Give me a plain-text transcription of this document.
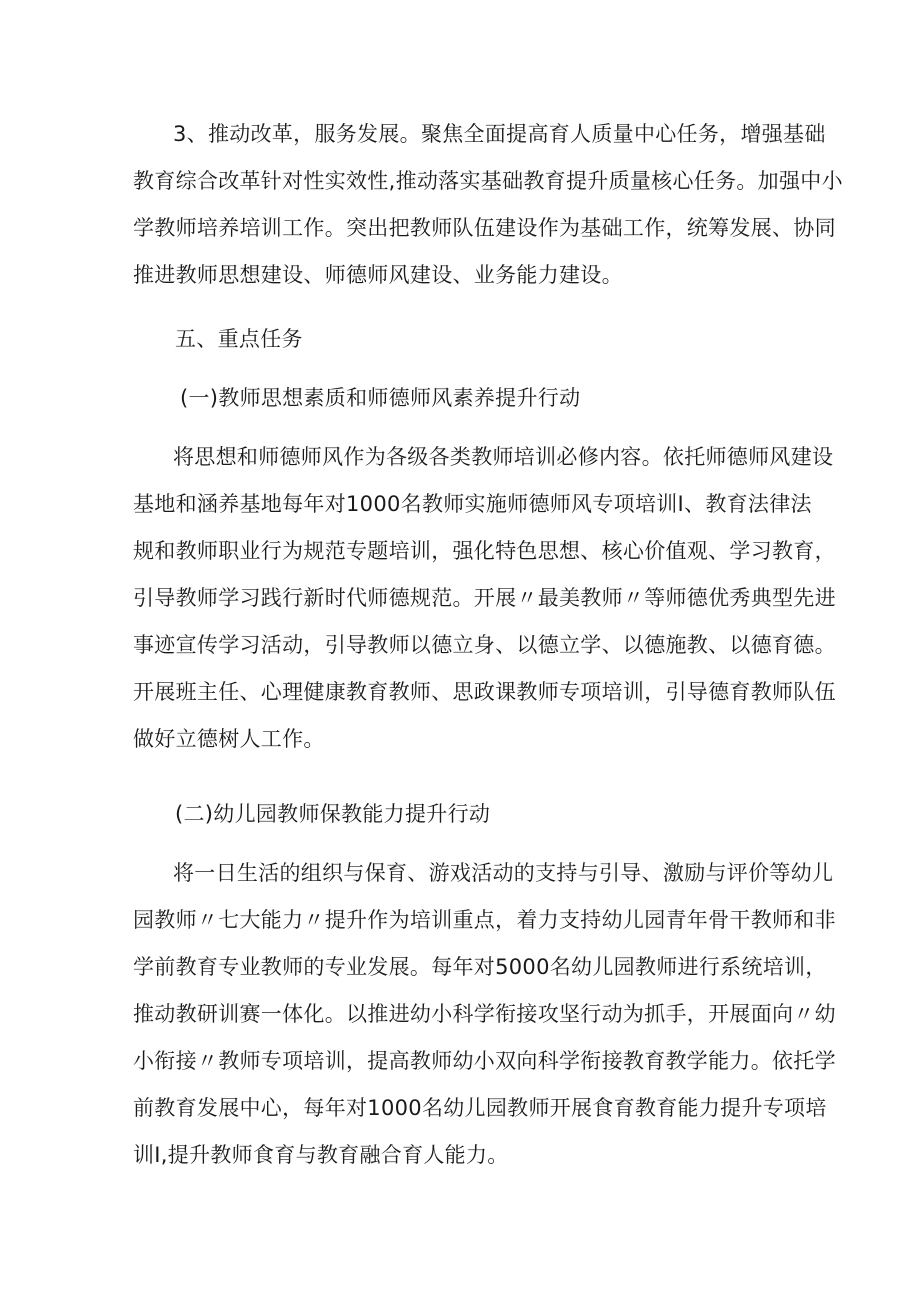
3、推动改革，服务发展。聚焦全面提高育人质量中心任务，增强基础
教育综合改革针对性实效性,推动落实基础教育提升质量核心任务。加强中小
学教师培养培训工作。突出把教师队伍建设作为基础工作，统筹发展、协同
推进教师思想建设、师德师风建设、业务能力建设。
五、重点任务
(一)教师思想素质和师德师风素养提升行动
将思想和师德师风作为各级各类教师培训必修内容。依托师德师风建设
基地和涵养基地每年对1000名教师实施师德师风专项培训I、教育法律法
规和教师职业行为规范专题培训，强化特色思想、核心价值观、学习教育，
引导教师学习践行新时代师德规范。开展〃最美教师〃等师德优秀典型先进
事迹宣传学习活动，引导教师以德立身、以德立学、以德施教、以德育德。
开展班主任、心理健康教育教师、思政课教师专项培训，引导德育教师队伍
做好立德树人工作。
(二)幼儿园教师保教能力提升行动
将一日生活的组织与保育、游戏活动的支持与引导、激励与评价等幼儿
园教师〃七大能力〃提升作为培训重点，着力支持幼儿园青年骨干教师和非
学前教育专业教师的专业发展。每年对5000名幼儿园教师进行系统培训，
推动教研训赛一体化。以推进幼小科学衔接攻坚行动为抓手，开展面向〃幼
小衔接〃教师专项培训，提高教师幼小双向科学衔接教育教学能力。依托学
前教育发展中心，每年对1000名幼儿园教师开展食育教育能力提升专项培
训I,提升教师食育与教育融合育人能力。
